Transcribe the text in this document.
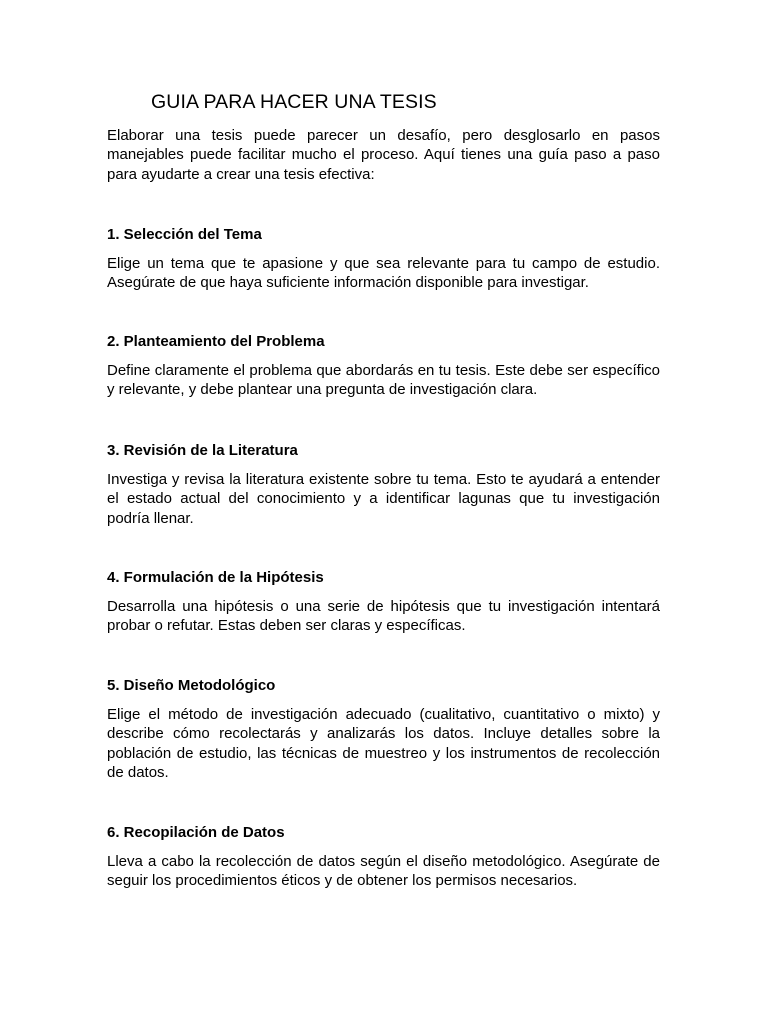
GUIA PARA HACER UNA TESIS

Elaborar una tesis puede parecer un desafío, pero desglosarlo en pasos manejables puede facilitar mucho el proceso. Aquí tienes una guía paso a paso para ayudarte a crear una tesis efectiva:

1. Selección del Tema

Elige un tema que te apasione y que sea relevante para tu campo de estudio. Asegúrate de que haya suficiente información disponible para investigar.

2. Planteamiento del Problema

Define claramente el problema que abordarás en tu tesis. Este debe ser específico y relevante, y debe plantear una pregunta de investigación clara.

3. Revisión de la Literatura

Investiga y revisa la literatura existente sobre tu tema. Esto te ayudará a entender el estado actual del conocimiento y a identificar lagunas que tu investigación podría llenar.

4. Formulación de la Hipótesis

Desarrolla una hipótesis o una serie de hipótesis que tu investigación intentará probar o refutar. Estas deben ser claras y específicas.

5. Diseño Metodológico

Elige el método de investigación adecuado (cualitativo, cuantitativo o mixto) y describe cómo recolectarás y analizarás los datos. Incluye detalles sobre la población de estudio, las técnicas de muestreo y los instrumentos de recolección de datos.

6. Recopilación de Datos

Lleva a cabo la recolección de datos según el diseño metodológico. Asegúrate de seguir los procedimientos éticos y de obtener los permisos necesarios.
